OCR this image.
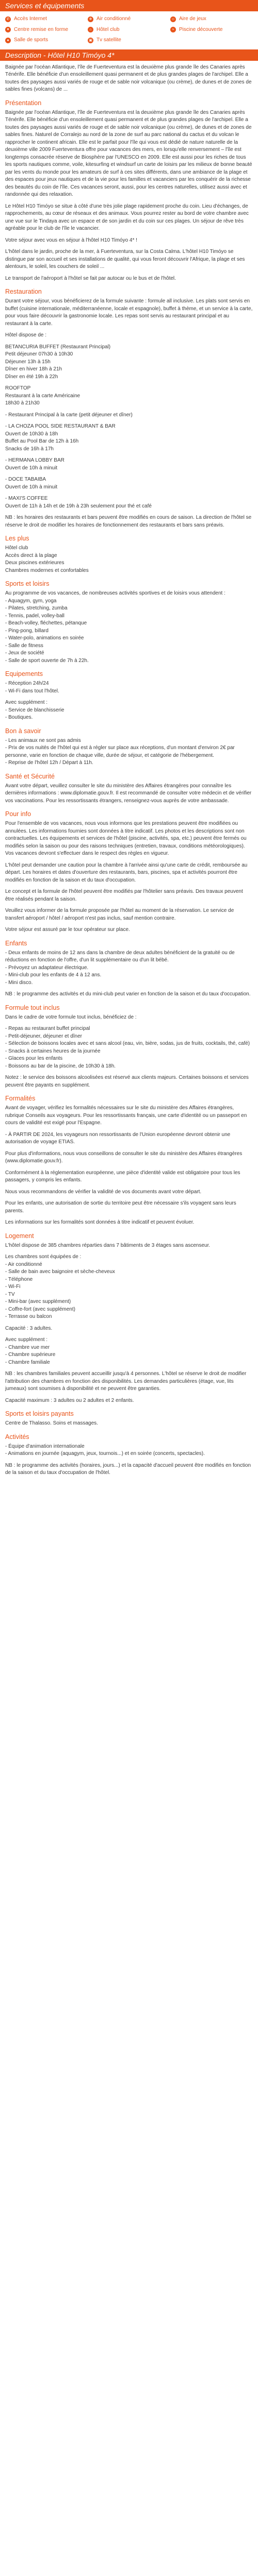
Services et équipements
✆ Accès Internet	❄ Air conditionné	☺ Aire de jeux
♥ Centre remise en forme	⌂ Hôtel club	≈ Piscine découverte
● Salle de sports	▣ Tv satellite
Description - Hôtel H10 Timóyo 4*

Baignée par l'océan Atlantique, l'île de Fuerteventura est la deuxième plus grande île des Canaries après Ténérife. Elle bénéficie d'un ensoleillement quasi permanent et de plus grandes plages de l'archipel. Elle a toutes des paysages aussi variés de rouge et de sable noir volcanique (ou crème), de dunes et de zones de sables fines (volcans) de ...

Présentation

Baignée par l'océan Atlantique, l'île de Fuerteventura est la deuxième plus grande île des Canaries après Ténérife. Elle bénéficie d'un ensoleillement quasi permanent et de plus grandes plages de l'archipel. Elle a toutes des paysages aussi variés de rouge et de sable noir volcanique (ou crème), de dunes et de zones de sables fines. Naturel de Corralejo au nord de la zone de surf au parc national du cactus et du volcan le rapprocher le continent africain. Elle est le parfait pour l'île qui vous est dédié de nature naturelle de la deuxième ville 2009 Fuerteventura offre pour vacances des mers, en lorsqu'elle renversement – l'île est longtemps consacrée réserve de Biosphère par l'UNESCO en 2009. Elle est aussi pour les riches de tous les sports nautiques comme, voile, kitesurfing et windsurf un carte de loisirs par les milieux de bonne beauté par les vents du monde pour les amateurs de surf à ces sites différents, dans une ambiance de la plage et des espaces pour jeux nautiques et de la vie pour les familles et vacanciers par les conquérir de la richesse des beautés du coin de l'île. Ces vacances seront, aussi, pour les centres naturelles, utilisez aussi avec et randonnée qui des relaxation.

Le Hôtel H10 Timóyo se situe à côté d'une très jolie plage rapidement proche du coin. Lieu d'échanges, de rapprochements, au cœur de réseaux et des animaux. Vous pourrez rester au bord de votre chambre avec une vue sur le Tindaya avec un espace et de son jardin et du coin sur ces plages. Un séjour de rêve très agréable pour le club de l'île le vacancier.

Votre séjour avec vous en séjour à l'hôtel H10 Timóyo 4* !

L'hôtel dans le jardin, proche de la mer, à Fuerteventura, sur la Costa Calma. L'hôtel H10 Timóyo se distingue par son accueil et ses installations de qualité, qui vous feront découvrir l'Afrique, la plage et ses alentours, le soleil, les couchers de soleil ...

Le transport de l'aéroport à l'hôtel se fait par autocar ou le bus et de l'hôtel.

Restauration

Durant votre séjour, vous bénéficierez de la formule suivante : formule all inclusive. Les plats sont servis en buffet (cuisine internationale, méditerranéenne, locale et espagnole), buffet à thème, et un service à la carte, pour vous faire découvrir la gastronomie locale. Les repas sont servis au restaurant principal et au restaurant à la carte.

Hôtel dispose de :

BETANCURIA BUFFET (Restaurant Principal)
Petit déjeuner 07h30 à 10h30
Déjeuner 13h à 15h
Dîner en hiver 18h à 21h
Dîner en été 19h à 22h

ROOFTOP
Restaurant à la carte Américaine
18h30 à 21h30

- Restaurant Principal à la carte (petit déjeuner et dîner)

- LA CHOZA POOL SIDE RESTAURANT & BAR
Ouvert de 10h30 à 18h
Buffet au Pool Bar de 12h à 16h
Snacks de 16h à 17h

- HERMANA LOBBY BAR
Ouvert de 10h à minuit

- DOCE TABAIBA
Ouvert de 10h à minuit

- MAXI'S COFFEE
Ouvert de 11h à 14h et de 19h à 23h seulement pour thé et café

NB : les horaires des restaurants et bars peuvent être modifiés en cours de saison. La direction de l'hôtel se réserve le droit de modifier les horaires de fonctionnement des restaurants et bars sans préavis.

Les plus

Hôtel club
Accès direct à la plage
Deux piscines extérieures
Chambres modernes et confortables

Sports et loisirs

Au programme de vos vacances, de nombreuses activités sportives et de loisirs vous attendent :
- Aquagym, gym, yoga
- Pilates, stretching, zumba
- Tennis, padel, volley-ball
- Beach-volley, fléchettes, pétanque
- Ping-pong, billard
- Water-polo, animations en soirée
- Salle de fitness
- Jeux de société
- Salle de sport ouverte de 7h à 22h.

Equipements

- Réception 24h/24
- Wi-Fi dans tout l'hôtel.

Avec supplément :
- Service de blanchisserie
- Boutiques.

Bon à savoir

- Les animaux ne sont pas admis
- Prix de vos nuités de l'hôtel qui est à régler sur place aux réceptions, d'un montant d'environ 2€ par personne, varie en fonction de chaque ville, durée de séjour, et catégorie de l'hébergement.
- Reprise de l'hôtel 12h / Départ à 11h.

Santé et Sécurité

Avant votre départ, veuillez consulter le site du ministère des Affaires étrangères pour connaître les dernières informations : www.diplomatie.gouv.fr. Il est recommandé de consulter votre médecin et de vérifier vos vaccinations. Pour les ressortissants étrangers, renseignez-vous auprès de votre ambassade.

Pour info

Pour l'ensemble de vos vacances, nous vous informons que les prestations peuvent être modifiées ou annulées. Les informations fournies sont données à titre indicatif. Les photos et les descriptions sont non contractuelles. Les équipements et services de l'hôtel (piscine, activités, spa, etc.) peuvent être fermés ou modifiés selon la saison ou pour des raisons techniques (entretien, travaux, conditions météorologiques). Vos vacances devront s'effectuer dans le respect des règles en vigueur.

L'hôtel peut demander une caution pour la chambre à l'arrivée ainsi qu'une carte de crédit, remboursée au départ. Les horaires et dates d'ouverture des restaurants, bars, piscines, spa et activités pourront être modifiés en fonction de la saison et du taux d'occupation.

Le concept et la formule de l'hôtel peuvent être modifiés par l'hôtelier sans préavis. Des travaux peuvent être réalisés pendant la saison.

Veuillez vous informer de la formule proposée par l'hôtel au moment de la réservation. Le service de transfert aéroport / hôtel / aéroport n'est pas inclus, sauf mention contraire.

Votre séjour est assuré par le tour opérateur sur place.

Enfants

- Deux enfants de moins de 12 ans dans la chambre de deux adultes bénéficient de la gratuité ou de réductions en fonction de l'offre, d'un lit supplémentaire ou d'un lit bébé.
- Prévoyez un adaptateur électrique.
- Mini-club pour les enfants de 4 à 12 ans.
- Mini disco.

NB : le programme des activités et du mini-club peut varier en fonction de la saison et du taux d'occupation.

Formule tout inclus

Dans le cadre de votre formule tout inclus, bénéficiez de :

- Repas au restaurant buffet principal
- Petit-déjeuner, déjeuner et dîner
- Sélection de boissons locales avec et sans alcool (eau, vin, bière, sodas, jus de fruits, cocktails, thé, café)
- Snacks à certaines heures de la journée
- Glaces pour les enfants
- Boissons au bar de la piscine, de 10h30 à 18h.

Notez : le service des boissons alcoolisées est réservé aux clients majeurs. Certaines boissons et services peuvent être payants en supplément.

Formalités

Avant de voyager, vérifiez les formalités nécessaires sur le site du ministère des Affaires étrangères, rubrique Conseils aux voyageurs. Pour les ressortissants français, une carte d'identité ou un passeport en cours de validité est exigé pour l'Espagne.

- À PARTIR DE 2024, les voyageurs non ressortissants de l'Union européenne devront obtenir une autorisation de voyage ETIAS.

Pour plus d'informations, nous vous conseillons de consulter le site du ministère des Affaires étrangères (www.diplomatie.gouv.fr).

Conformément à la réglementation européenne, une pièce d'identité valide est obligatoire pour tous les passagers, y compris les enfants.

Nous vous recommandons de vérifier la validité de vos documents avant votre départ.

Pour les enfants, une autorisation de sortie du territoire peut être nécessaire s'ils voyagent sans leurs parents.

Les informations sur les formalités sont données à titre indicatif et peuvent évoluer.

Logement

L'hôtel dispose de 385 chambres réparties dans 7 bâtiments de 3 étages sans ascenseur.

Les chambres sont équipées de :
- Air conditionné
- Salle de bain avec baignoire et sèche-cheveux
- Téléphone
- Wi-Fi
- TV
- Mini-bar (avec supplément)
- Coffre-fort (avec supplément)
- Terrasse ou balcon

Capacité : 3 adultes.

Avec supplément :
- Chambre vue mer
- Chambre supérieure
- Chambre familiale

NB : les chambres familiales peuvent accueillir jusqu'à 4 personnes. L'hôtel se réserve le droit de modifier l'attribution des chambres en fonction des disponibilités. Les demandes particulières (étage, vue, lits jumeaux) sont soumises à disponibilité et ne peuvent être garanties.

Capacité maximum : 3 adultes ou 2 adultes et 2 enfants.

Sports et loisirs payants

Centre de Thalasso. Soins et massages.

Activités

- Équipe d'animation internationale
- Animations en journée (aquagym, jeux, tournois...) et en soirée (concerts, spectacles).

NB : le programme des activités (horaires, jours...) et la capacité d'accueil peuvent être modifiés en fonction de la saison et du taux d'occupation de l'hôtel.
